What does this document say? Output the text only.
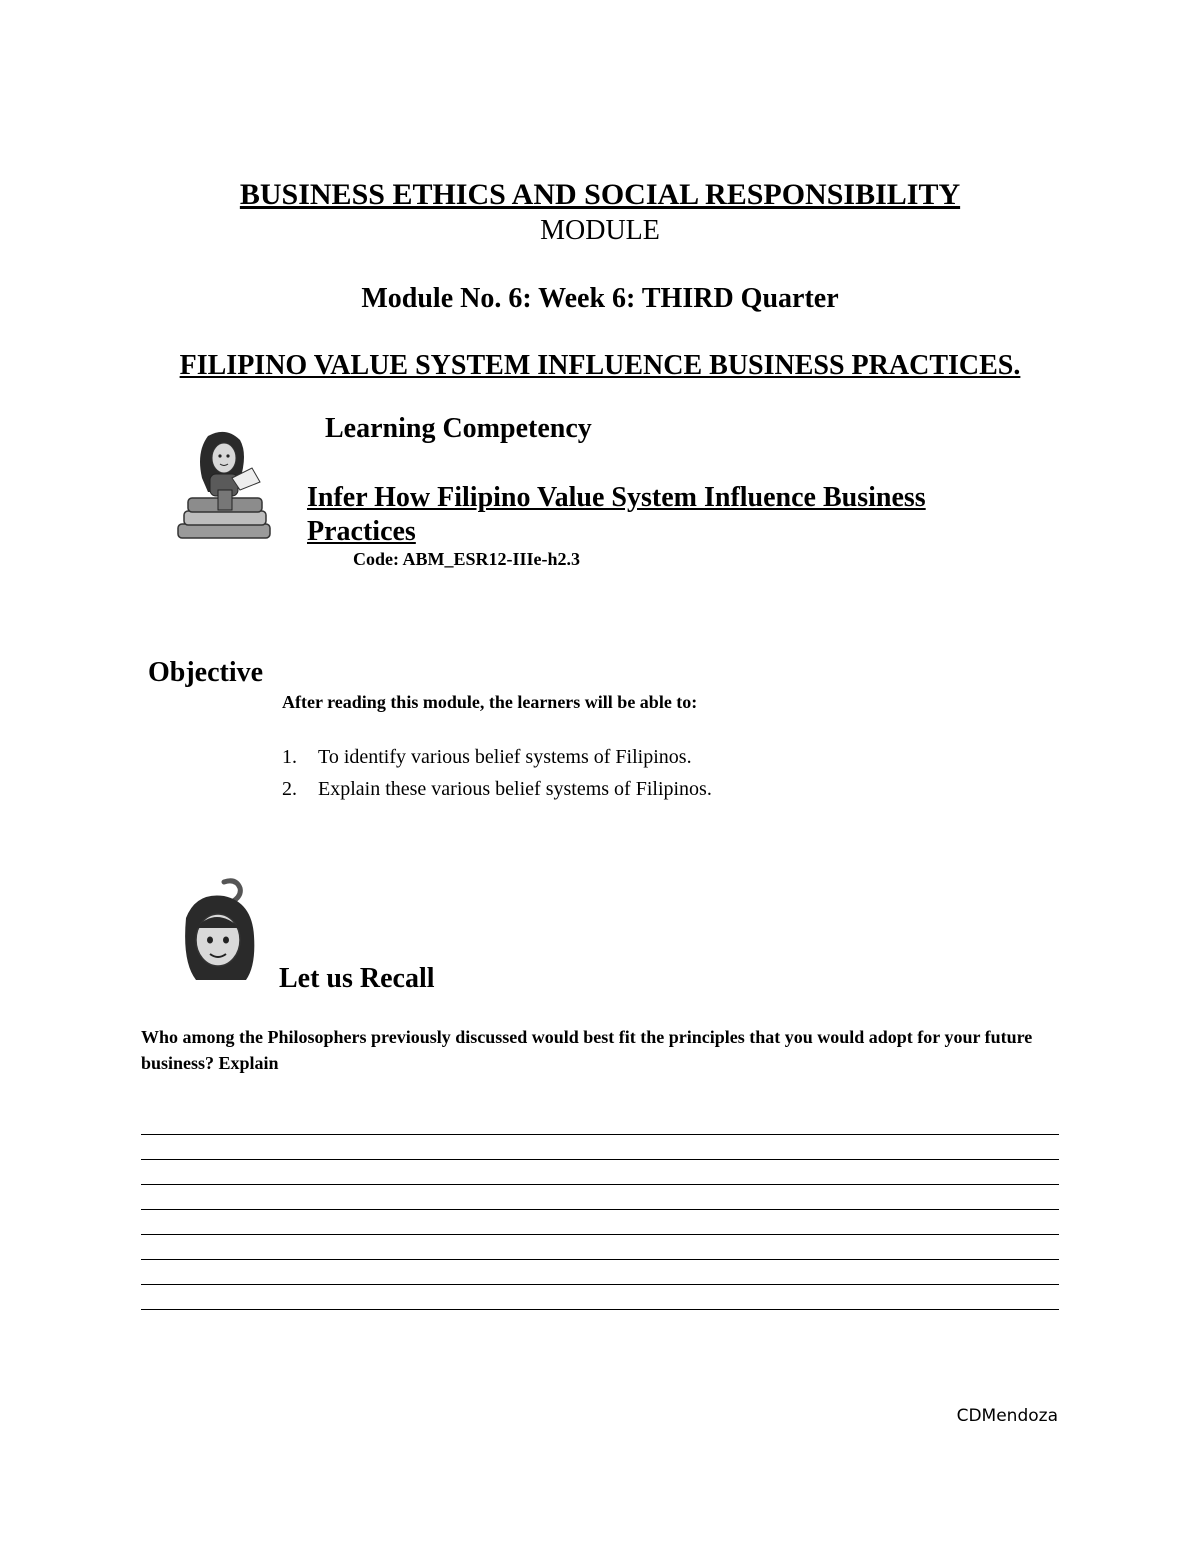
BUSINESS ETHICS AND SOCIAL RESPONSIBILITY
MODULE
Module No. 6: Week 6: THIRD Quarter
FILIPINO VALUE SYSTEM INFLUENCE BUSINESS PRACTICES.
Learning Competency
Infer How Filipino Value System Influence Business Practices
Code: ABM_ESR12-IIIe-h2.3
Objective
After reading this module, the learners will be able to:
1. To identify various belief systems of Filipinos.
2. Explain these various belief systems of Filipinos.
Let us Recall
Who among the Philosophers previously discussed would best fit the principles that you would adopt for your future business? Explain
CDMendoza
